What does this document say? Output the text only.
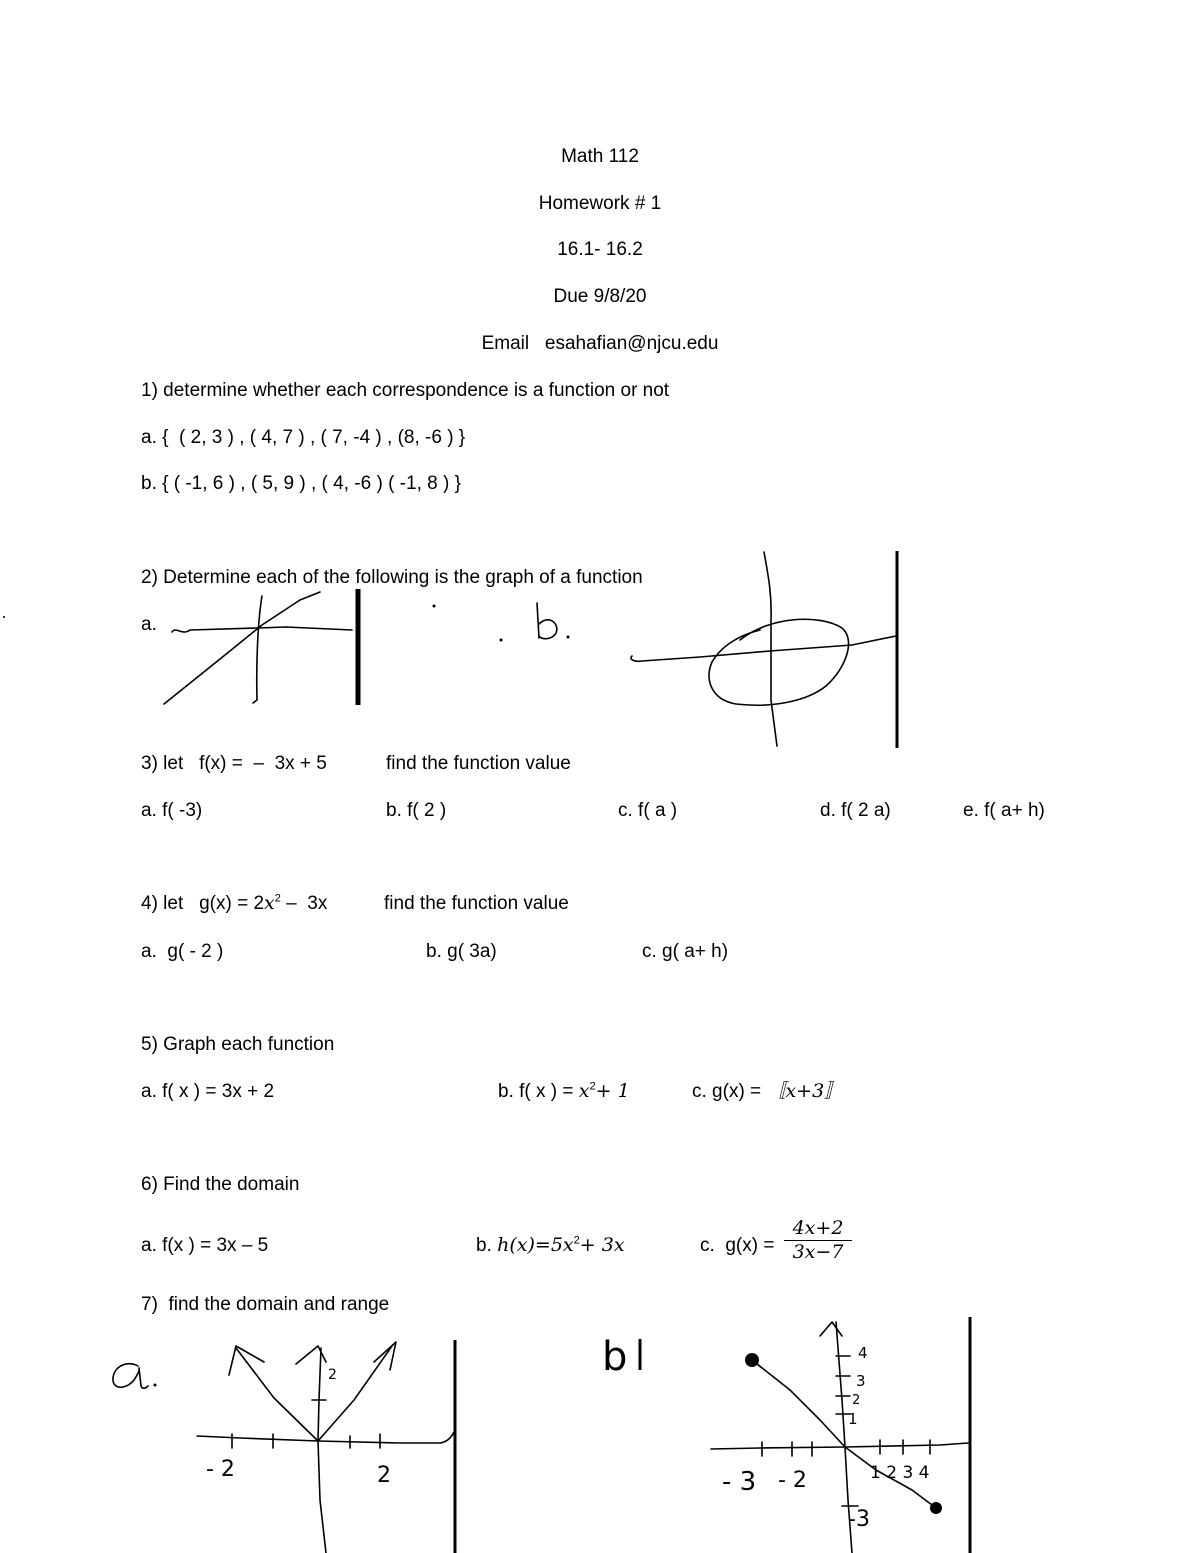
Math 112
Homework # 1
16.1- 16.2
Due 9/8/20
Email   esahafian@njcu.edu
1) determine whether each correspondence is a function or not
a. {  ( 2, 3 ) , ( 4, 7 ) , ( 7, -4 ) , (8, -6 ) }
b. { ( -1, 6 ) , ( 5, 9 ) , ( 4, -6 ) ( -1, 8 ) }
2) Determine each of the following is the graph of a function
a.
3) let   f(x) =  –  3x + 5	find the function value
a. f( -3)	b. f( 2 )	c. f( a )	d. f( 2 a)	e. f( a+ h)
4) let   $g(x) = 2x^2 - 3x$	find the function value
a.  g( - 2 )	b. g( 3a)	c. g( a+ h)
5) Graph each function
a. f( x ) = 3x + 2	b. f( x ) = $x^2+ 1$	c. g(x) = 〚x+3〛
6) Find the domain
a. f(x ) = 3x – 5	b. $h(x)=5x^2+ 3x$	c.  $g(x) = \frac{4x+2}{3x-7}$
7)  find the domain and range
2
- 2	2
b	4
3
2
1
- 3 - 2	1 2 3 4
-3
